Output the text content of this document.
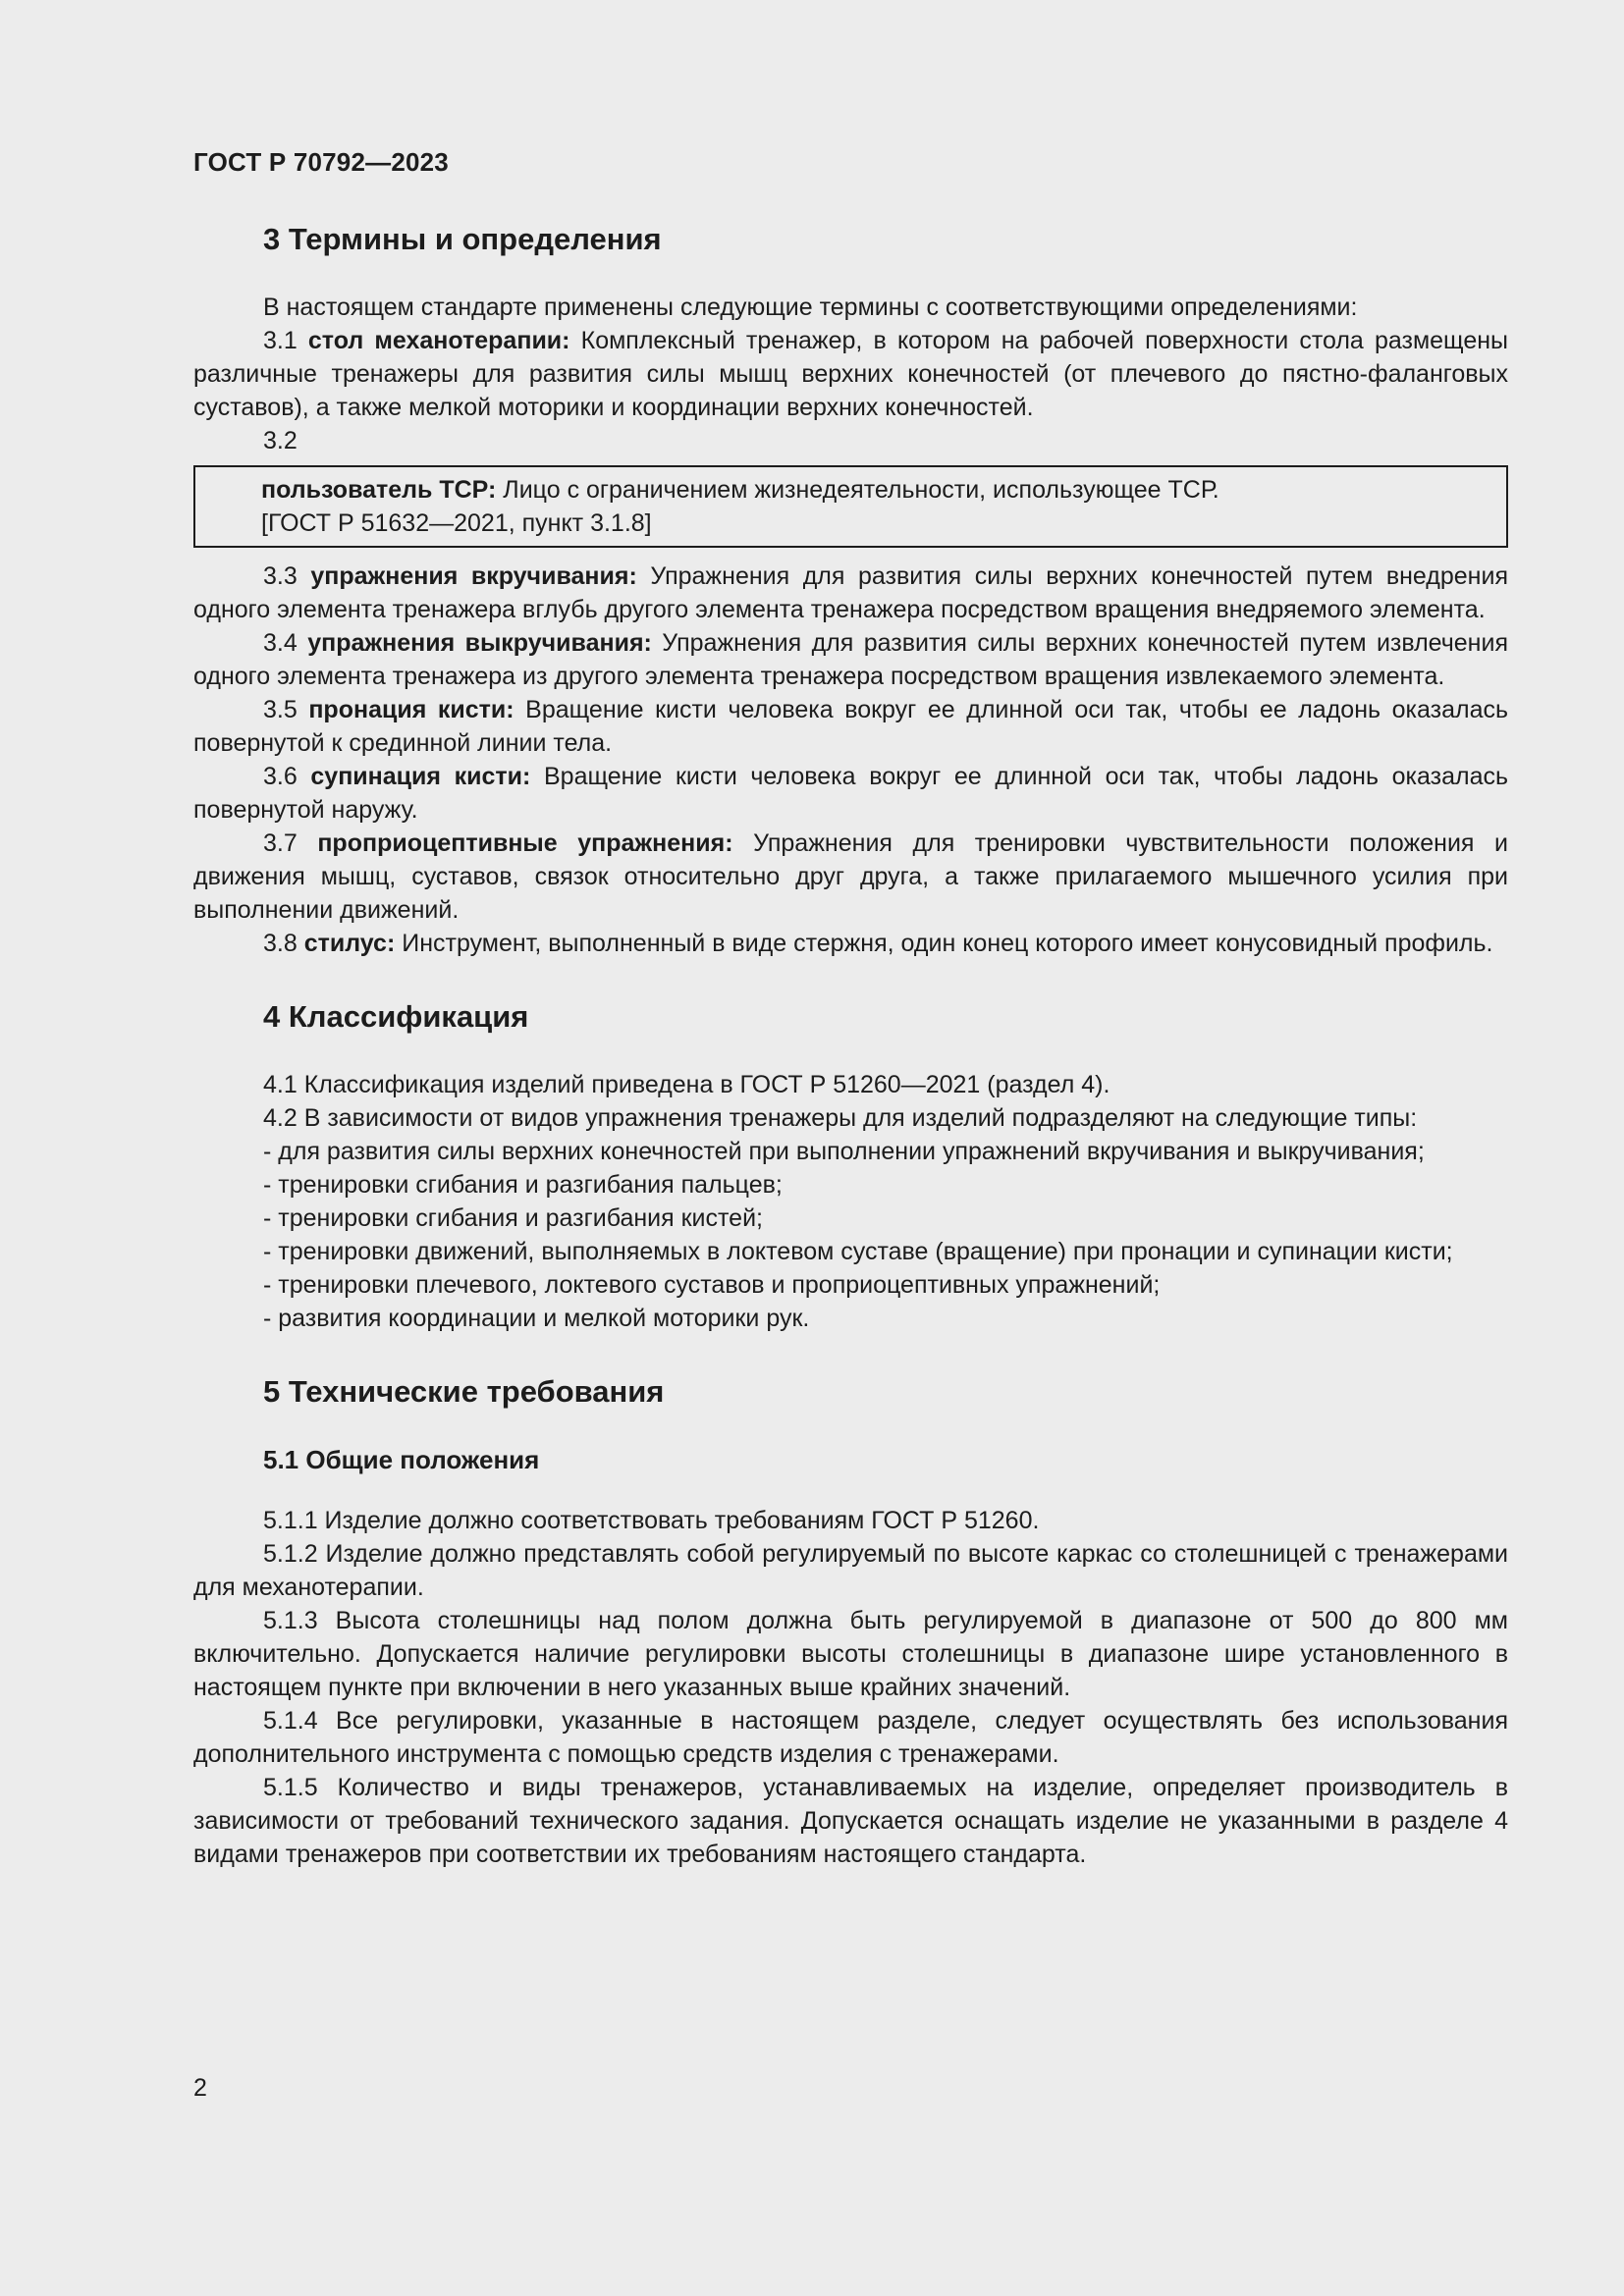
ГОСТ Р 70792—2023
3 Термины и определения

В настоящем стандарте применены следующие термины с соответствующими определениями:

3.1 стол механотерапии: Комплексный тренажер, в котором на рабочей поверхности стола размещены различные тренажеры для развития силы мышц верхних конечностей (от плечевого до пястно-фаланговых суставов), а также мелкой моторики и координации верхних конечностей.

3.2

пользователь ТСР: Лицо с ограничением жизнедеятельности, использующее ТСР.

[ГОСТ Р 51632—2021, пункт 3.1.8]

3.3 упражнения вкручивания: Упражнения для развития силы верхних конечностей путем внедрения одного элемента тренажера вглубь другого элемента тренажера посредством вращения внедряемого элемента.

3.4 упражнения выкручивания: Упражнения для развития силы верхних конечностей путем извлечения одного элемента тренажера из другого элемента тренажера посредством вращения извлекаемого элемента.

3.5 пронация кисти: Вращение кисти человека вокруг ее длинной оси так, чтобы ее ладонь оказалась повернутой к срединной линии тела.

3.6 супинация кисти: Вращение кисти человека вокруг ее длинной оси так, чтобы ладонь оказалась повернутой наружу.

3.7 проприоцептивные упражнения: Упражнения для тренировки чувствительности положения и движения мышц, суставов, связок относительно друг друга, а также прилагаемого мышечного усилия при выполнении движений.

3.8 стилус: Инструмент, выполненный в виде стержня, один конец которого имеет конусовидный профиль.

4 Классификация

4.1 Классификация изделий приведена в ГОСТ Р 51260—2021 (раздел 4).

4.2 В зависимости от видов упражнения тренажеры для изделий подразделяют на следующие типы:

- для развития силы верхних конечностей при выполнении упражнений вкручивания и выкручивания;

- тренировки сгибания и разгибания пальцев;

- тренировки сгибания и разгибания кистей;

- тренировки движений, выполняемых в локтевом суставе (вращение) при пронации и супинации кисти;

- тренировки плечевого, локтевого суставов и проприоцептивных упражнений;

- развития координации и мелкой моторики рук.

5 Технические требования
5.1 Общие положения

5.1.1 Изделие должно соответствовать требованиям ГОСТ Р 51260.

5.1.2 Изделие должно представлять собой регулируемый по высоте каркас со столешницей с тренажерами для механотерапии.

5.1.3 Высота столешницы над полом должна быть регулируемой в диапазоне от 500 до 800 мм включительно. Допускается наличие регулировки высоты столешницы в диапазоне шире установленного в настоящем пункте при включении в него указанных выше крайних значений.

5.1.4 Все регулировки, указанные в настоящем разделе, следует осуществлять без использования дополнительного инструмента с помощью средств изделия с тренажерами.

5.1.5 Количество и виды тренажеров, устанавливаемых на изделие, определяет производитель в зависимости от требований технического задания. Допускается оснащать изделие не указанными в разделе 4 видами тренажеров при соответствии их требованиям настоящего стандарта.

2
